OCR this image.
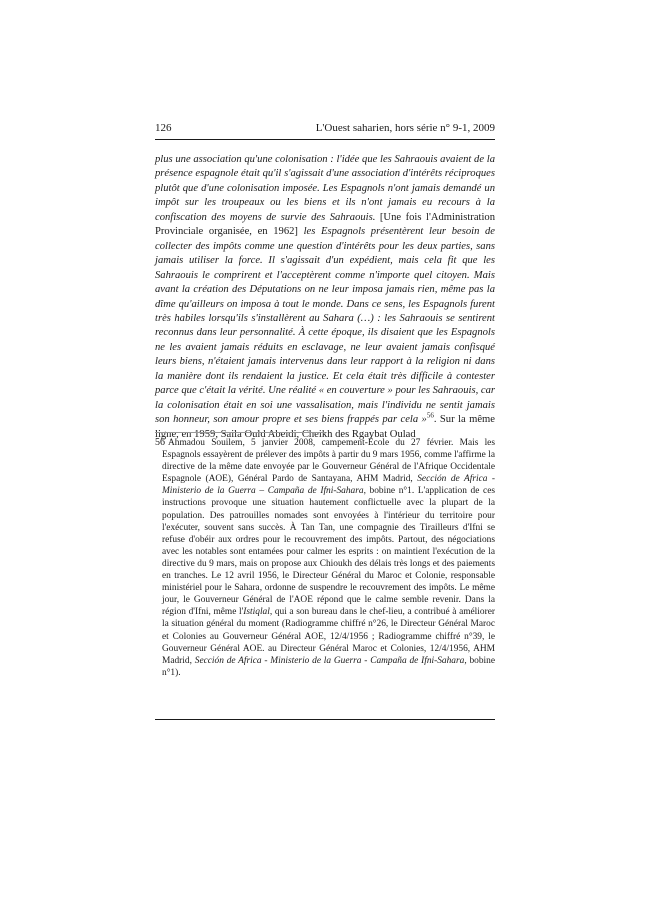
126	L'Ouest saharien, hors série n° 9-1, 2009

plus une association qu'une colonisation : l'idée que les Sahraouis avaient de la présence espagnole était qu'il s'agissait d'une association d'intérêts réciproques plutôt que d'une colonisation imposée. Les Espagnols n'ont jamais demandé un impôt sur les troupeaux ou les biens et ils n'ont jamais eu recours à la confiscation des moyens de survie des Sahraouis. [Une fois l'Administration Provinciale organisée, en 1962] les Espagnols présentèrent leur besoin de collecter des impôts comme une question d'intérêts pour les deux parties, sans jamais utiliser la force. Il s'agissait d'un expédient, mais cela fit que les Sahraouis le comprirent et l'acceptèrent comme n'importe quel citoyen. Mais avant la création des Députations on ne leur imposa jamais rien, même pas la dîme qu'ailleurs on imposa à tout le monde. Dans ce sens, les Espagnols furent très habiles lorsqu'ils s'installèrent au Sahara (…) : les Sahraouis se sentirent reconnus dans leur personnalité. À cette époque, ils disaient que les Espagnols ne les avaient jamais réduits en esclavage, ne leur avaient jamais confisqué leurs biens, n'étaient jamais intervenus dans leur rapport à la religion ni dans la manière dont ils rendaient la justice. Et cela était très difficile à contester parce que c'était la vérité. Une réalité « en couverture » pour les Sahraouis, car la colonisation était en soi une vassalisation, mais l'individu ne sentit jamais son honneur, son amour propre et ses biens frappés par cela »$^{56}$. Sur la même ligne, en 1959, Saila Ould Abeidi, Cheikh des Rgaybat Oulad

56 Ahmadou Souilem, 5 janvier 2008, campement-École du 27 février. Mais les Espagnols essayèrent de prélever des impôts à partir du 9 mars 1956, comme l'affirme la directive de la même date envoyée par le Gouverneur Général de l'Afrique Occidentale Espagnole (AOE), Général Pardo de Santayana, AHM Madrid, Sección de Africa - Ministerio de la Guerra – Campaña de Ifni-Sahara, bobine n°1. L'application de ces instructions provoque une situation hautement conflictuelle avec la plupart de la population. Des patrouilles nomades sont envoyées à l'intérieur du territoire pour l'exécuter, souvent sans succès. À Tan Tan, une compagnie des Tirailleurs d'Ifni se refuse d'obéir aux ordres pour le recouvrement des impôts. Partout, des négociations avec les notables sont entamées pour calmer les esprits : on maintient l'exécution de la directive du 9 mars, mais on propose aux Chioukh des délais très longs et des paiements en tranches. Le 12 avril 1956, le Directeur Général du Maroc et Colonie, responsable ministériel pour le Sahara, ordonne de suspendre le recouvrement des impôts. Le même jour, le Gouverneur Général de l'AOE répond que le calme semble revenir. Dans la région d'Ifni, même l'Istiqlal, qui a son bureau dans le chef-lieu, a contribué à améliorer la situation général du moment (Radiogramme chiffré n°26, le Directeur Général Maroc et Colonies au Gouverneur Général AOE, 12/4/1956 ; Radiogramme chiffré n°39, le Gouverneur Général AOE. au Directeur Général Maroc et Colonies, 12/4/1956, AHM Madrid, Sección de Africa - Ministerio de la Guerra - Campaña de Ifni-Sahara, bobine n°1).
